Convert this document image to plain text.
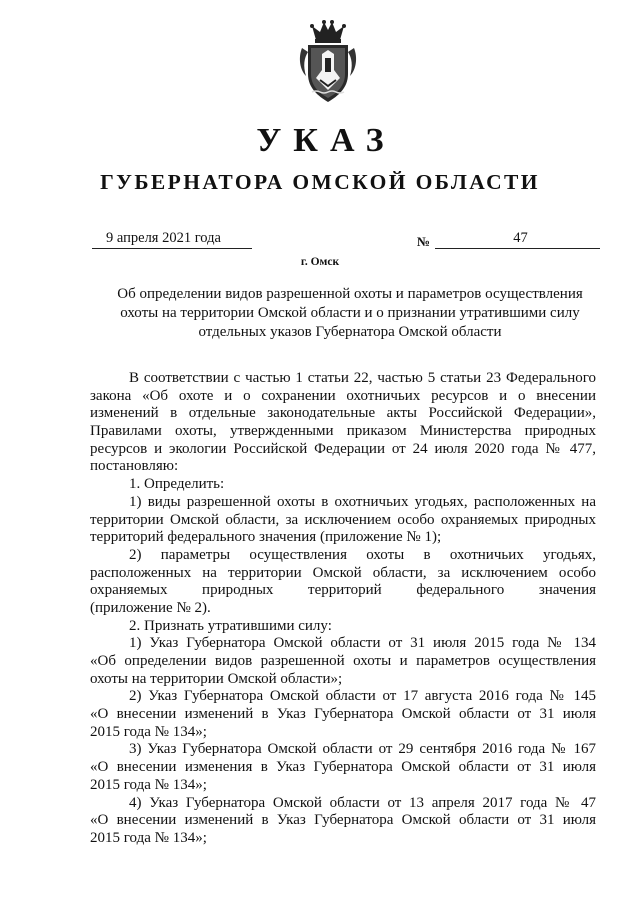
УКАЗ
ГУБЕРНАТОРА ОМСКОЙ ОБЛАСТИ
9 апреля 2021 года	№	47
г. Омск
Об определении видов разрешенной охоты и параметров осуществления
охоты на территории Омской области и о признании утратившими силу
отдельных указов Губернатора Омской области
В соответствии с частью 1 статьи 22, частью 5 статьи 23 Федерального
закона «Об охоте и о сохранении охотничьих ресурсов и о внесении
изменений в отдельные законодательные акты Российской Федерации»,
Правилами охоты, утвержденными приказом Министерства природных
ресурсов и экологии Российской Федерации от 24 июля 2020 года № 477,
постановляю:
1. Определить:
1) виды разрешенной охоты в охотничьих угодьях, расположенных на
территории Омской области, за исключением особо охраняемых природных
территорий федерального значения (приложение № 1);
2) параметры осуществления охоты в охотничьих угодьях,
расположенных на территории Омской области, за исключением особо
охраняемых природных территорий федерального значения
(приложение № 2).
2. Признать утратившими силу:
1) Указ Губернатора Омской области от 31 июля 2015 года № 134
«Об определении видов разрешенной охоты и параметров осуществления
охоты на территории Омской области»;
2) Указ Губернатора Омской области от 17 августа 2016 года № 145
«О внесении изменений в Указ Губернатора Омской области от 31 июля
2015 года № 134»;
3) Указ Губернатора Омской области от 29 сентября 2016 года № 167
«О внесении изменения в Указ Губернатора Омской области от 31 июля
2015 года № 134»;
4) Указ Губернатора Омской области от 13 апреля 2017 года № 47
«О внесении изменений в Указ Губернатора Омской области от 31 июля
2015 года № 134»;
